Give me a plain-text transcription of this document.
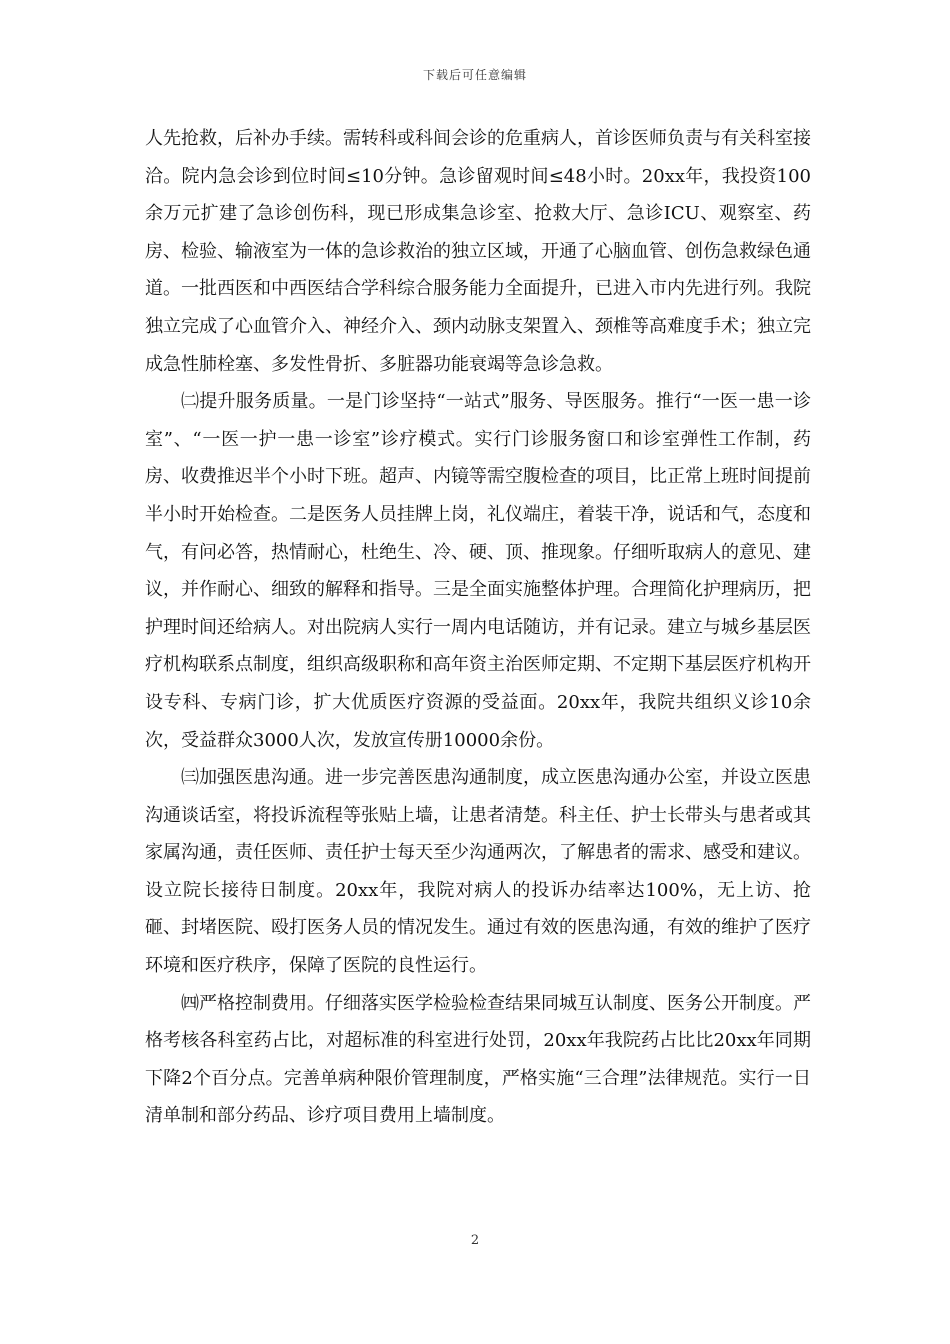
下载后可任意编辑

人先抢救，后补办手续。需转科或科间会诊的危重病人，首诊医师负责与有关科室接洽。院内急会诊到位时间≤10分钟。急诊留观时间≤48小时。20xx年，我投资100余万元扩建了急诊创伤科，现已形成集急诊室、抢救大厅、急诊ICU、观察室、药房、检验、输液室为一体的急诊救治的独立区域，开通了心脑血管、创伤急救绿色通道。一批西医和中西医结合学科综合服务能力全面提升，已进入市内先进行列。我院独立完成了心血管介入、神经介入、颈内动脉支架置入、颈椎等高难度手术；独立完成急性肺栓塞、多发性骨折、多脏器功能衰竭等急诊急救。

㈡提升服务质量。一是门诊坚持“一站式”服务、导医服务。推行“一医一患一诊室”、“一医一护一患一诊室”诊疗模式。实行门诊服务窗口和诊室弹性工作制，药房、收费推迟半个小时下班。超声、内镜等需空腹检查的项目，比正常上班时间提前半小时开始检查。二是医务人员挂牌上岗，礼仪端庄，着装干净，说话和气，态度和气，有问必答，热情耐心，杜绝生、冷、硬、顶、推现象。仔细听取病人的意见、建议，并作耐心、细致的解释和指导。三是全面实施整体护理。合理简化护理病历，把护理时间还给病人。对出院病人实行一周内电话随访，并有记录。建立与城乡基层医疗机构联系点制度，组织高级职称和高年资主治医师定期、不定期下基层医疗机构开设专科、专病门诊，扩大优质医疗资源的受益面。20xx年，我院共组织义诊10余次，受益群众3000人次，发放宣传册10000余份。

㈢加强医患沟通。进一步完善医患沟通制度，成立医患沟通办公室，并设立医患沟通谈话室，将投诉流程等张贴上墙，让患者清楚。科主任、护士长带头与患者或其家属沟通，责任医师、责任护士每天至少沟通两次，了解患者的需求、感受和建议。设立院长接待日制度。20xx年，我院对病人的投诉办结率达100%，无上访、抢砸、封堵医院、殴打医务人员的情况发生。通过有效的医患沟通，有效的维护了医疗环境和医疗秩序，保障了医院的良性运行。

㈣严格控制费用。仔细落实医学检验检查结果同城互认制度、医务公开制度。严格考核各科室药占比，对超标准的科室进行处罚，20xx年我院药占比比20xx年同期下降2个百分点。完善单病种限价管理制度，严格实施“三合理”法律规范。实行一日清单制和部分药品、诊疗项目费用上墙制度。

2
